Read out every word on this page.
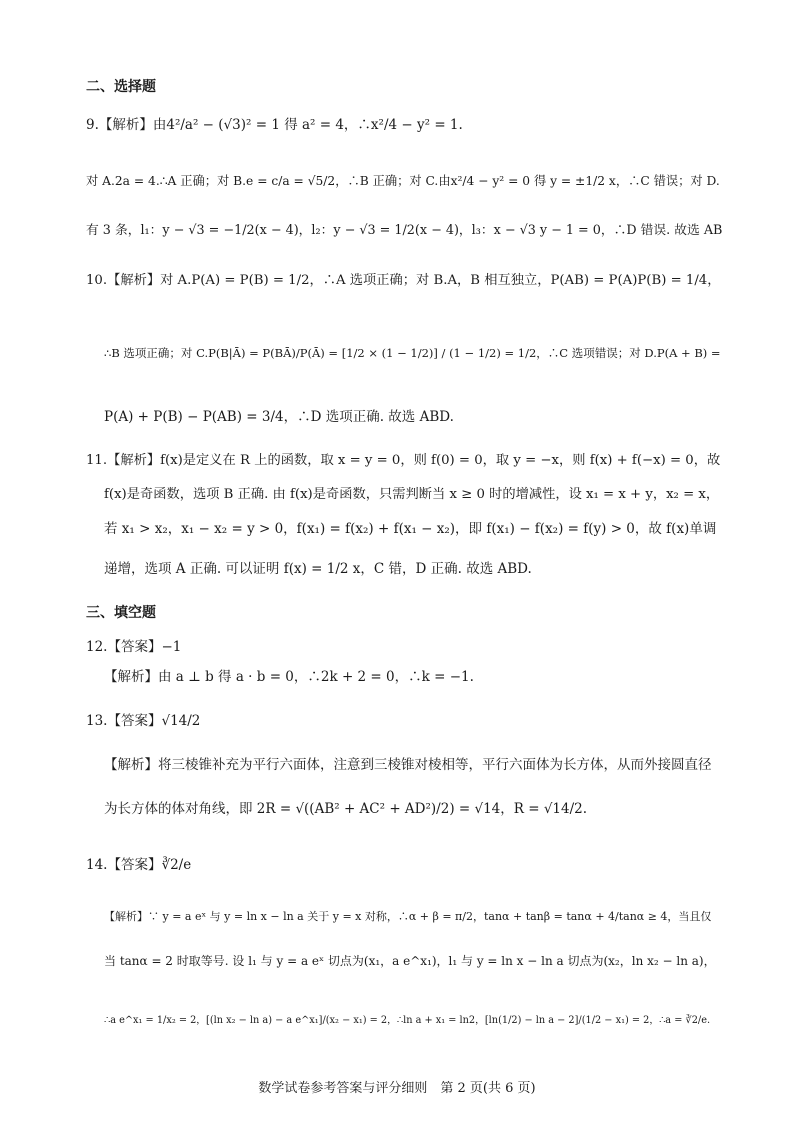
二、选择题
9.【解析】由4²/a² − (√3)² = 1 得 a² = 4，∴x²/4 − y² = 1.
对 A.2a = 4.∴A 正确；对 B.e = c/a = √5/2，∴B 正确；对 C.由x²/4 − y² = 0 得 y = ±1/2 x，∴C 错误；对 D.
有 3 条，l₁：y − √3 = −1/2(x − 4)，l₂：y − √3 = 1/2(x − 4)，l₃：x − √3 y − 1 = 0，∴D 错误. 故选 AB
10.【解析】对 A.P(A) = P(B) = 1/2，∴A 选项正确；对 B.A，B 相互独立，P(AB) = P(A)P(B) = 1/4，
∴B 选项正确；对 C.P(B|Ā) = P(BĀ)/P(Ā) = [1/2 × (1 − 1/2)] / (1 − 1/2) = 1/2，∴C 选项错误；对 D.P(A + B) =
P(A) + P(B) − P(AB) = 3/4，∴D 选项正确. 故选 ABD.
11.【解析】f(x)是定义在 R 上的函数，取 x = y = 0，则 f(0) = 0，取 y = −x，则 f(x) + f(−x) = 0，故
f(x)是奇函数，选项 B 正确. 由 f(x)是奇函数，只需判断当 x ≥ 0 时的增减性，设 x₁ = x + y，x₂ = x，
若 x₁ > x₂，x₁ − x₂ = y > 0，f(x₁) = f(x₂) + f(x₁ − x₂)，即 f(x₁) − f(x₂) = f(y) > 0，故 f(x)单调
递增，选项 A 正确. 可以证明 f(x) = 1/2 x，C 错，D 正确. 故选 ABD.
三、填空题
12.【答案】−1
【解析】由 a ⊥ b 得 a · b = 0，∴2k + 2 = 0，∴k = −1.
13.【答案】√14/2
【解析】将三棱锥补充为平行六面体，注意到三棱锥对棱相等，平行六面体为长方体，从而外接圆直径
为长方体的体对角线，即 2R = √((AB² + AC² + AD²)/2) = √14，R = √14/2.
14.【答案】∛2/e
【解析】∵ y = a eˣ 与 y = ln x − ln a 关于 y = x 对称，∴α + β = π/2，tanα + tanβ = tanα + 4/tanα ≥ 4，当且仅
当 tanα = 2 时取等号. 设 l₁ 与 y = a eˣ 切点为(x₁，a e^x₁)，l₁ 与 y = ln x − ln a 切点为(x₂，ln x₂ − ln a)，
∴a e^x₁ = 1/x₂ = 2，[(ln x₂ − ln a) − a e^x₁]/(x₂ − x₁) = 2，∴ln a + x₁ = ln2，[ln(1/2) − ln a − 2]/(1/2 − x₁) = 2，∴a = ∛2/e.
数学试卷参考答案与评分细则　第 2 页(共 6 页)
